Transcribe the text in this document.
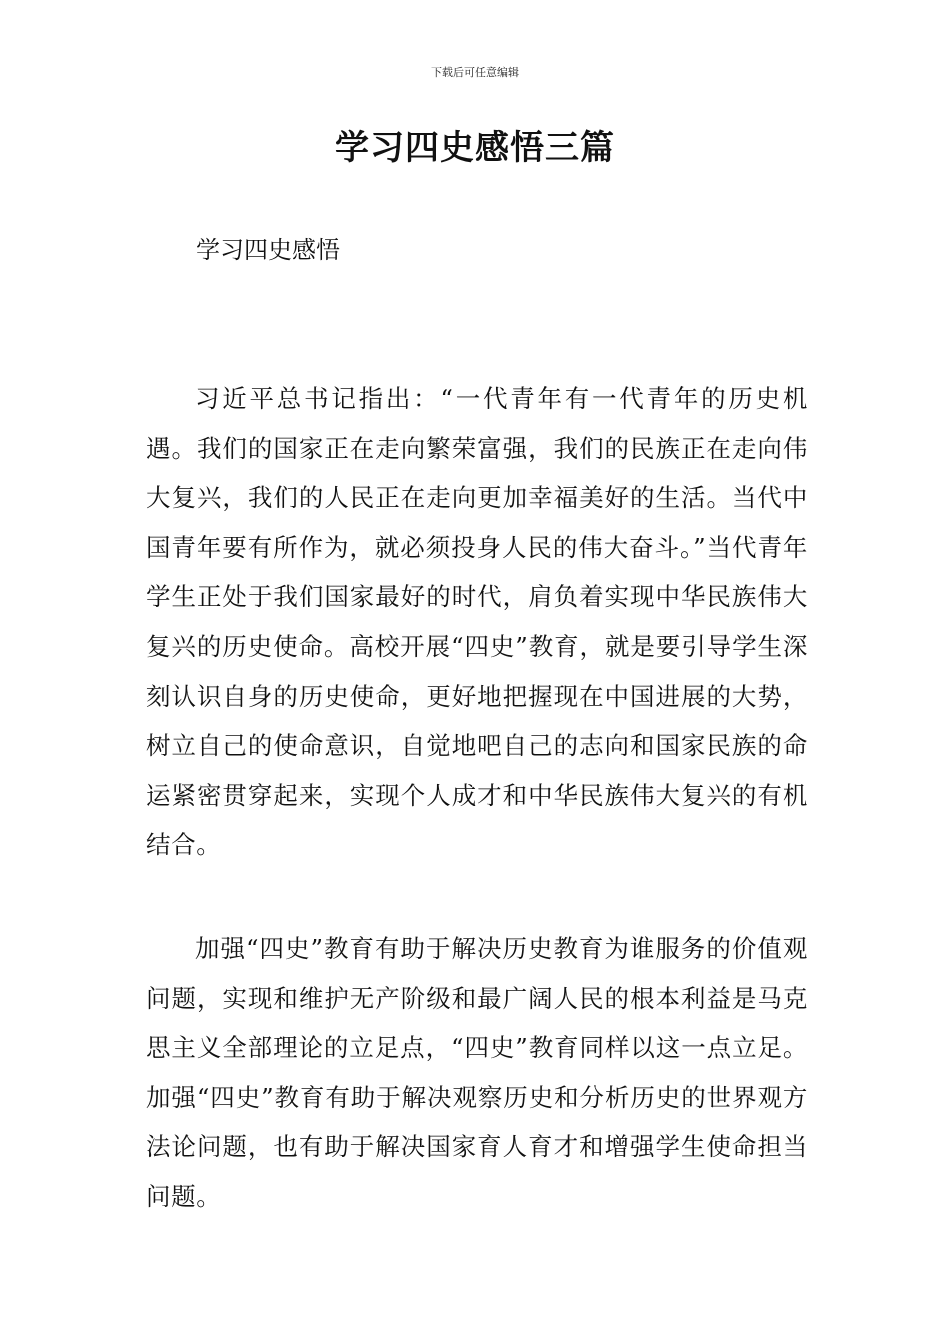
下载后可任意编辑
学习四史感悟三篇

学习四史感悟

习近平总书记指出：“一代青年有一代青年的历史机遇。我们的国家正在走向繁荣富强，我们的民族正在走向伟大复兴，我们的人民正在走向更加幸福美好的生活。当代中国青年要有所作为，就必须投身人民的伟大奋斗。”当代青年学生正处于我们国家最好的时代，肩负着实现中华民族伟大复兴的历史使命。高校开展“四史”教育，就是要引导学生深刻认识自身的历史使命，更好地把握现在中国进展的大势，树立自己的使命意识，自觉地吧自己的志向和国家民族的命运紧密贯穿起来，实现个人成才和中华民族伟大复兴的有机结合。

加强“四史”教育有助于解决历史教育为谁服务的价值观问题，实现和维护无产阶级和最广阔人民的根本利益是马克思主义全部理论的立足点，“四史”教育同样以这一点立足。加强“四史”教育有助于解决观察历史和分析历史的世界观方法论问题，也有助于解决国家育人育才和增强学生使命担当问题。
